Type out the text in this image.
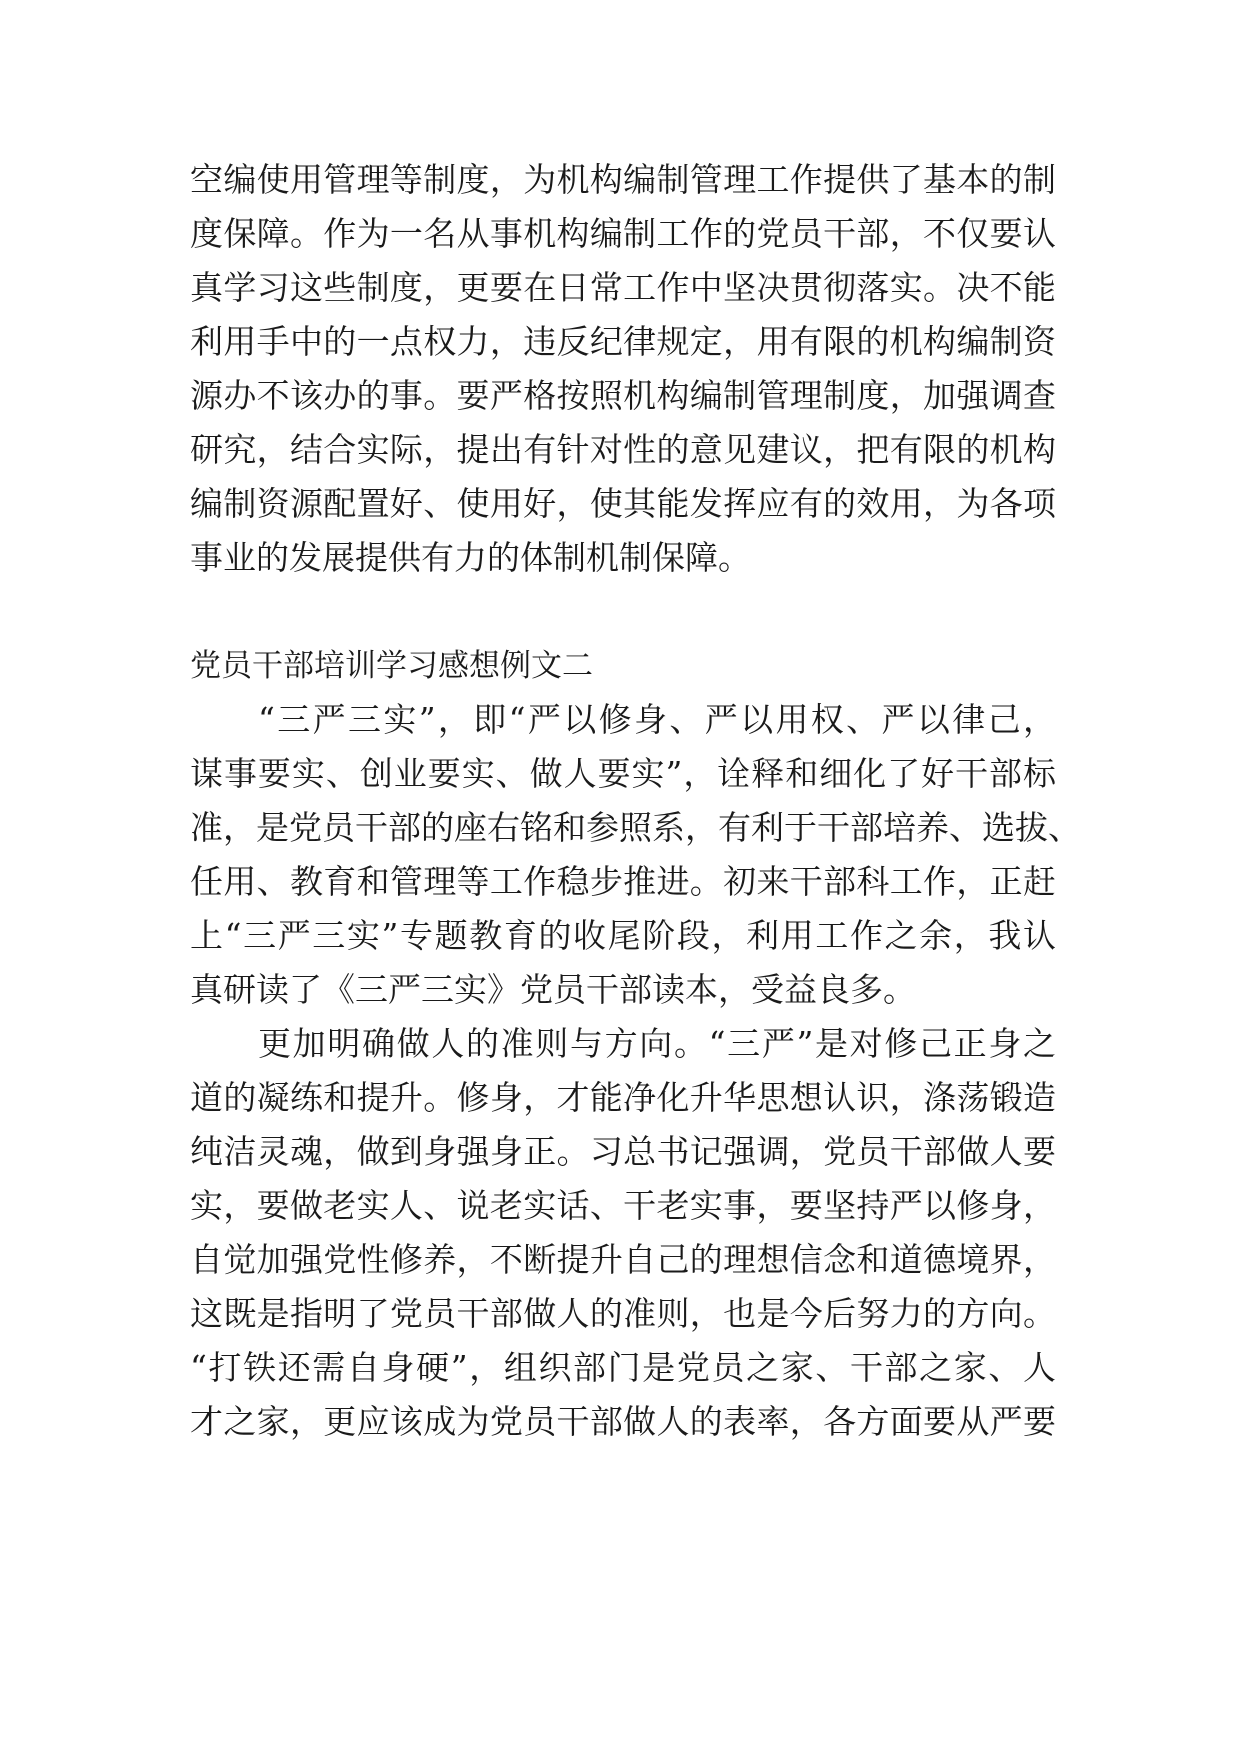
空编使用管理等制度，为机构编制管理工作提供了基本的制
度保障。作为一名从事机构编制工作的党员干部，不仅要认
真学习这些制度，更要在日常工作中坚决贯彻落实。决不能
利用手中的一点权力，违反纪律规定，用有限的机构编制资
源办不该办的事。要严格按照机构编制管理制度，加强调查
研究，结合实际，提出有针对性的意见建议，把有限的机构
编制资源配置好、使用好，使其能发挥应有的效用，为各项
事业的发展提供有力的体制机制保障。
党员干部培训学习感想例文二
“三严三实”，即“严以修身、严以用权、严以律己，
谋事要实、创业要实、做人要实”，诠释和细化了好干部标
准，是党员干部的座右铭和参照系，有利于干部培养、选拔、
任用、教育和管理等工作稳步推进。初来干部科工作，正赶
上“三严三实”专题教育的收尾阶段，利用工作之余，我认
真研读了《三严三实》党员干部读本，受益良多。
更加明确做人的准则与方向。“三严”是对修己正身之
道的凝练和提升。修身，才能净化升华思想认识，涤荡锻造
纯洁灵魂，做到身强身正。习总书记强调，党员干部做人要
实，要做老实人、说老实话、干老实事，要坚持严以修身，
自觉加强党性修养，不断提升自己的理想信念和道德境界，
这既是指明了党员干部做人的准则，也是今后努力的方向。
“打铁还需自身硬”，组织部门是党员之家、干部之家、人
才之家，更应该成为党员干部做人的表率，各方面要从严要
